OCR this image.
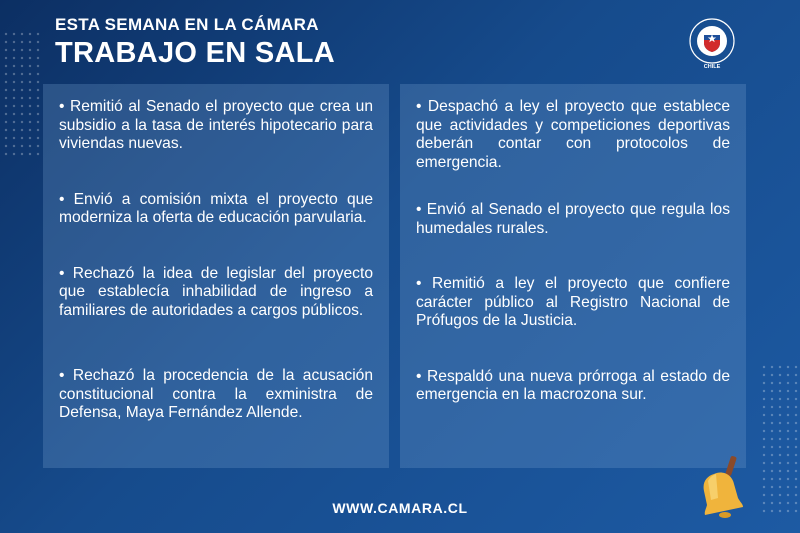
ESTA SEMANA EN LA CÁMARA
TRABAJO EN SALA	CHILE
• Remitió al Senado el proyecto que crea un subsidio a la tasa de interés hipotecario para viviendas nuevas.
• Envió a comisión mixta el proyecto que moderniza la oferta de educación parvularia.
• Rechazó la idea de legislar del proyecto que establecía inhabilidad de ingreso a familiares de autoridades a cargos públicos.
• Rechazó la procedencia de la acusación constitucional contra la exministra de Defensa, Maya Fernández Allende.
• Despachó a ley el proyecto que establece que actividades y competiciones deportivas deberán contar con protocolos de emergencia.
• Envió al Senado el proyecto que regula los humedales rurales.
• Remitió a ley el proyecto que confiere carácter público al Registro Nacional de Prófugos de la Justicia.
• Respaldó una nueva prórroga al estado de emergencia en la macrozona sur.
WWW.CAMARA.CL
